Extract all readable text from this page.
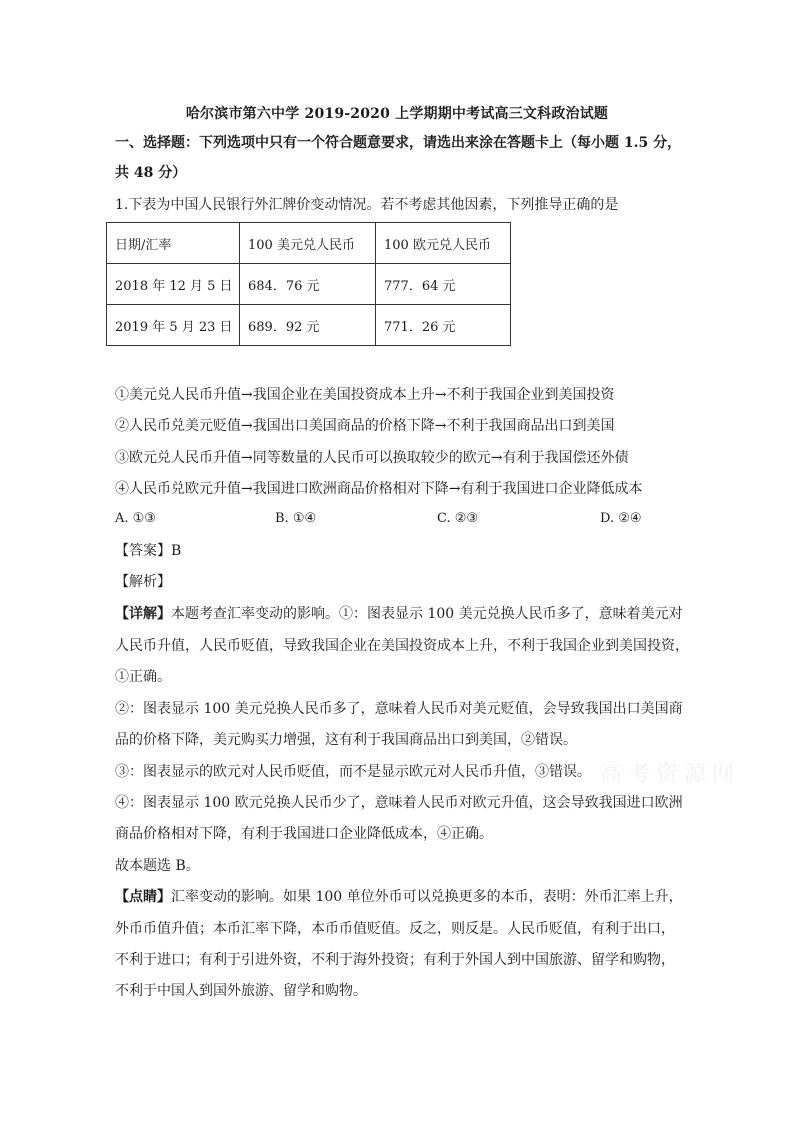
哈尔滨市第六中学 2019-2020 上学期期中考试高三文科政治试题
一、选择题：下列选项中只有一个符合题意要求，请选出来涂在答题卡上（每小题 1.5 分，
共 48 分）
1.下表为中国人民银行外汇牌价变动情况。若不考虑其他因素，下列推导正确的是
日期/汇率	100 美元兑人民币	100 欧元兑人民币
2018 年 12 月 5 日	684．76 元	777．64 元
2019 年 5 月 23 日	689．92 元	771．26 元
①美元兑人民币升值→我国企业在美国投资成本上升→不利于我国企业到美国投资
②人民币兑美元贬值→我国出口美国商品的价格下降→不利于我国商品出口到美国
③欧元兑人民币升值→同等数量的人民币可以换取较少的欧元→有利于我国偿还外债
④人民币兑欧元升值→我国进口欧洲商品价格相对下降→有利于我国进口企业降低成本
A. ①③	B. ①④	C. ②③	D. ②④
【答案】B
【解析】
【详解】本题考查汇率变动的影响。①：图表显示 100 美元兑换人民币多了，意味着美元对
人民币升值，人民币贬值，导致我国企业在美国投资成本上升，不利于我国企业到美国投资，
①正确。
②：图表显示 100 美元兑换人民币多了，意味着人民币对美元贬值，会导致我国出口美国商
品的价格下降，美元购买力增强，这有利于我国商品出口到美国，②错误。
③：图表显示的欧元对人民币贬值，而不是显示欧元对人民币升值，③错误。
④：图表显示 100 欧元兑换人民币少了，意味着人民币对欧元升值，这会导致我国进口欧洲
商品价格相对下降，有利于我国进口企业降低成本，④正确。
故本题选 B。
【点睛】汇率变动的影响。如果 100 单位外币可以兑换更多的本币，表明：外币汇率上升，
外币币值升值；本币汇率下降，本币币值贬值。反之，则反是。人民币贬值，有利于出口，
不利于进口；有利于引进外资，不利于海外投资；有利于外国人到中国旅游、留学和购物，
不利于中国人到国外旅游、留学和购物。
高考资源网
